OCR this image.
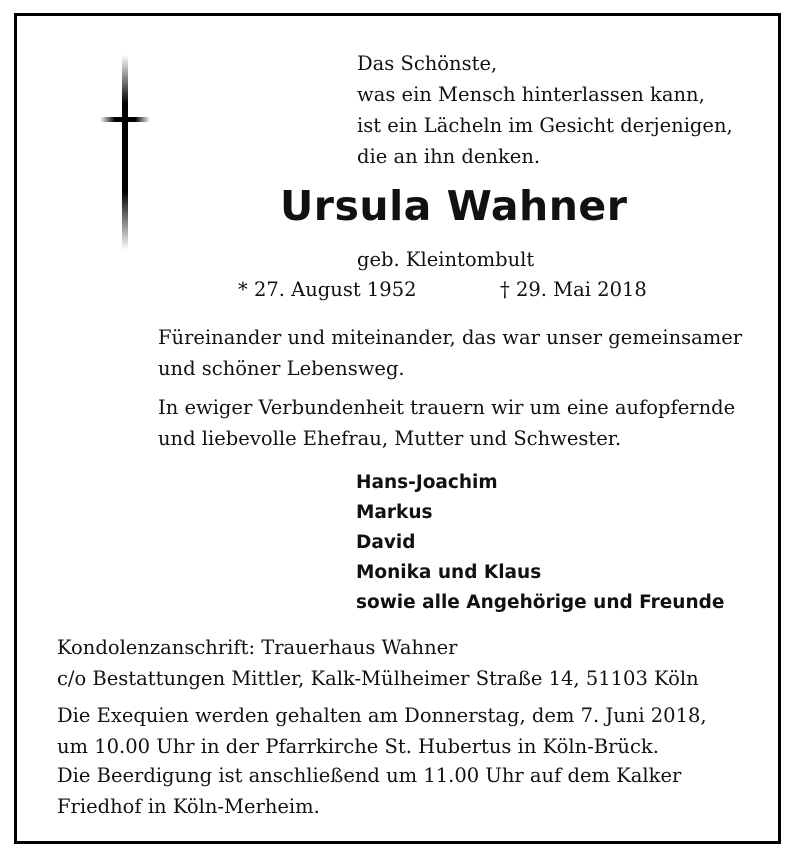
Das Schönste,
was ein Mensch hinterlassen kann,
ist ein Lächeln im Gesicht derjenigen,
die an ihn denken.
Ursula Wahner
geb. Kleintombult
* 27. August 1952	† 29. Mai 2018
Füreinander und miteinander, das war unser gemeinsamer
und schöner Lebensweg.
In ewiger Verbundenheit trauern wir um eine aufopfernde
und liebevolle Ehefrau, Mutter und Schwester.
Hans-Joachim
Markus
David
Monika und Klaus
sowie alle Angehörige und Freunde
Kondolenzanschrift: Trauerhaus Wahner
c/o Bestattungen Mittler, Kalk-Mülheimer Straße 14, 51103 Köln
Die Exequien werden gehalten am Donnerstag, dem 7. Juni 2018,
um 10.00 Uhr in der Pfarrkirche St. Hubertus in Köln-Brück.
Die Beerdigung ist anschließend um 11.00 Uhr auf dem Kalker
Friedhof in Köln-Merheim.
